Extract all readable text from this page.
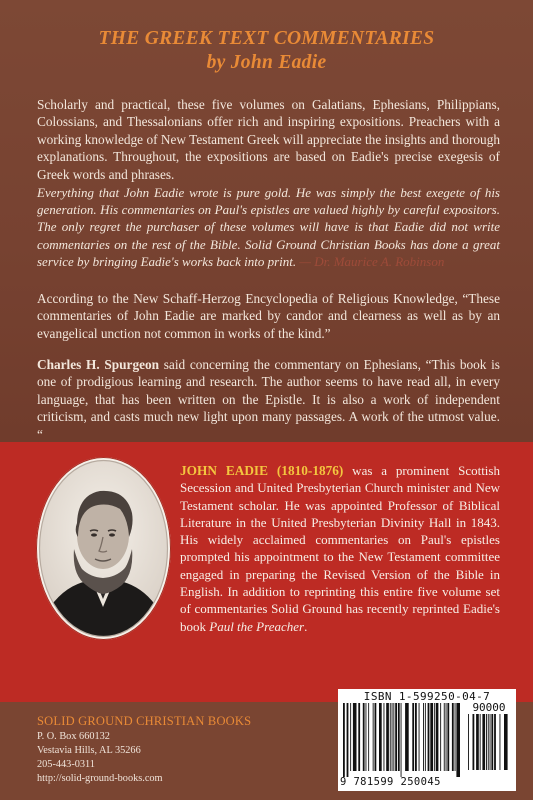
THE GREEK TEXT COMMENTARIES
by John Eadie

Scholarly and practical, these five volumes on Galatians, Ephesians, Philippians, Colossians, and Thessalonians offer rich and inspiring expositions. Preachers with a working knowledge of New Testament Greek will appreciate the insights and thorough explanations. Throughout, the expositions are based on Eadie's precise exegesis of Greek words and phrases.

Everything that John Eadie wrote is pure gold. He was simply the best exegete of his generation. His commentaries on Paul's epistles are valued highly by careful expositors. The only regret the purchaser of these volumes will have is that Eadie did not write commentaries on the rest of the Bible. Solid Ground Christian Books has done a great service by bringing Eadie's works back into print. — Dr. Maurice A. Robinson

According to the New Schaff-Herzog Encyclopedia of Religious Knowledge, “These commentaries of John Eadie are marked by candor and clearness as well as by an evangelical unction not common in works of the kind.”

Charles H. Spurgeon said concerning the commentary on Ephesians, “This book is one of prodigious learning and research. The author seems to have read all, in every language, that has been written on the Epistle. It is also a work of independent criticism, and casts much new light upon many passages. A work of the utmost value. “

JOHN EADIE (1810-1876) was a prominent Scottish Secession and United Presbyterian Church minister and New Testament scholar. He was appointed Professor of Biblical Literature in the United Presbyterian Divinity Hall in 1843. His widely acclaimed commentaries on Paul's epistles prompted his appointment to the New Testament committee engaged in preparing the Revised Version of the Bible in English. In addition to reprinting this entire five volume set of commentaries Solid Ground has recently reprinted Eadie's book Paul the Preacher.

SOLID GROUND CHRISTIAN BOOKS
P. O. Box 660132
Vestavia Hills, AL 35266
205-443-0311
http://solid-ground-books.com
ISBN 1-599250-04-7
90000
9 781599 250045
